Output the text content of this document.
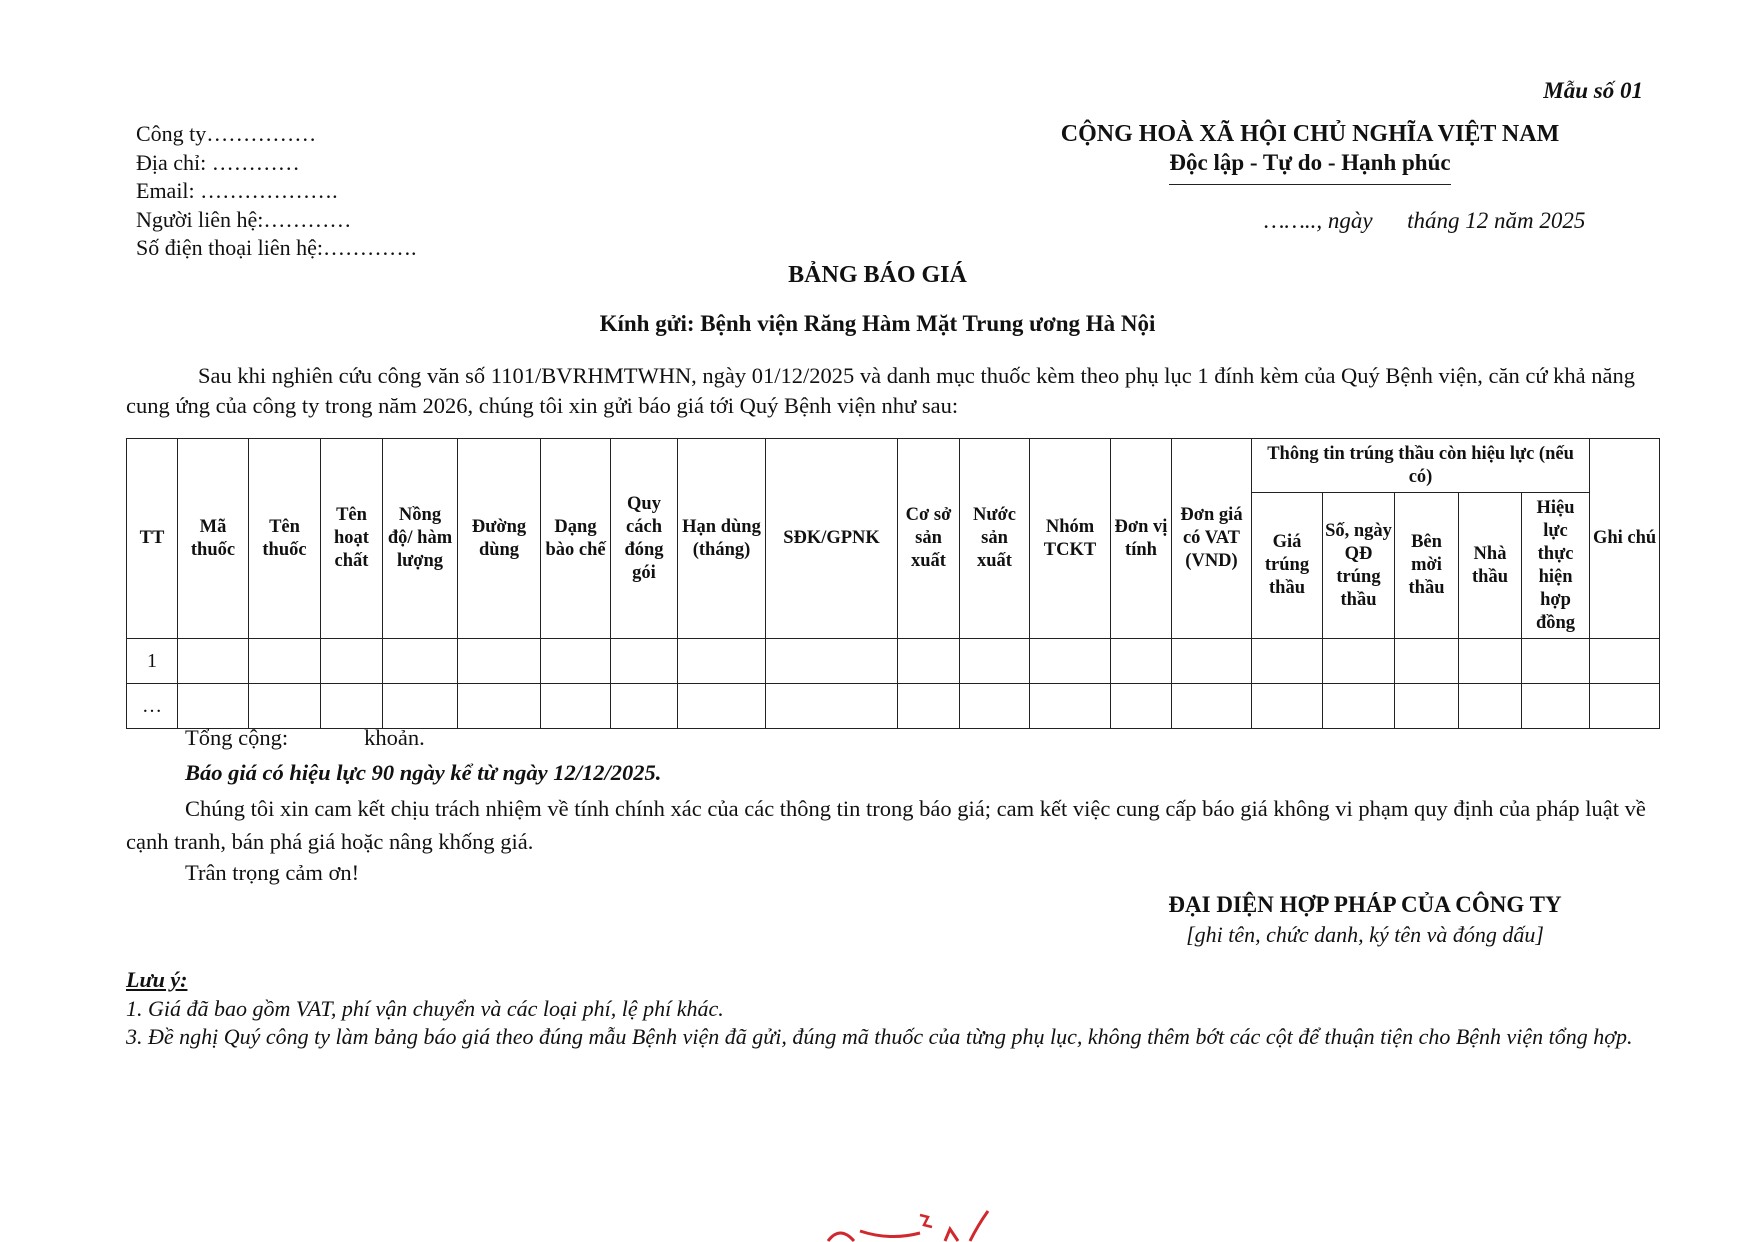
Mẫu số 01
Công ty……………
Địa chỉ: …………
Email: ……………….
Người liên hệ:…………
Số điện thoại liên hệ:………….
CỘNG HOÀ XÃ HỘI CHỦ NGHĨA VIỆT NAM
Độc lập - Tự do - Hạnh phúc
…….., ngày      tháng 12 năm 2025
BẢNG BÁO GIÁ
Kính gửi: Bệnh viện Răng Hàm Mặt Trung ương Hà Nội
Sau khi nghiên cứu công văn số 1101/BVRHMTWHN, ngày 01/12/2025 và danh mục thuốc kèm theo phụ lục 1 đính kèm của Quý Bệnh viện, căn cứ khả năng cung ứng của công ty trong năm 2026, chúng tôi xin gửi báo giá tới Quý Bệnh viện như sau:
TT	Mã thuốc	Tên thuốc	Tên hoạt chất	Nồng độ/ hàm lượng	Đường dùng	Dạng bào chế	Quy cách đóng gói	Hạn dùng (tháng)	SĐK/GPNK	Cơ sở sản xuất	Nước sản xuất	Nhóm TCKT	Đơn vị tính	Đơn giá có VAT (VND)	Thông tin trúng thầu còn hiệu lực (nếu có)					Ghi chú
															Giá trúng thầu	Số, ngày QĐ trúng thầu	Bên mời thầu	Nhà thầu	Hiệu lực thực hiện hợp đồng	
1																				
…																				
Tổng cộng:	khoản.
Báo giá có hiệu lực 90 ngày kể từ ngày 12/12/2025.
Chúng tôi xin cam kết chịu trách nhiệm về tính chính xác của các thông tin trong báo giá; cam kết việc cung cấp báo giá không vi phạm quy định của pháp luật về cạnh tranh, bán phá giá hoặc nâng khống giá.
Trân trọng cảm ơn!
ĐẠI DIỆN HỢP PHÁP CỦA CÔNG TY
[ghi tên, chức danh, ký tên và đóng dấu]
Lưu ý:
1. Giá đã bao gồm VAT, phí vận chuyển và các loại phí, lệ phí khác.
3. Đề nghị Quý công ty làm bảng báo giá theo đúng mẫu Bệnh viện đã gửi, đúng mã thuốc của từng phụ lục, không thêm bớt các cột để thuận tiện cho Bệnh viện tổng hợp.
